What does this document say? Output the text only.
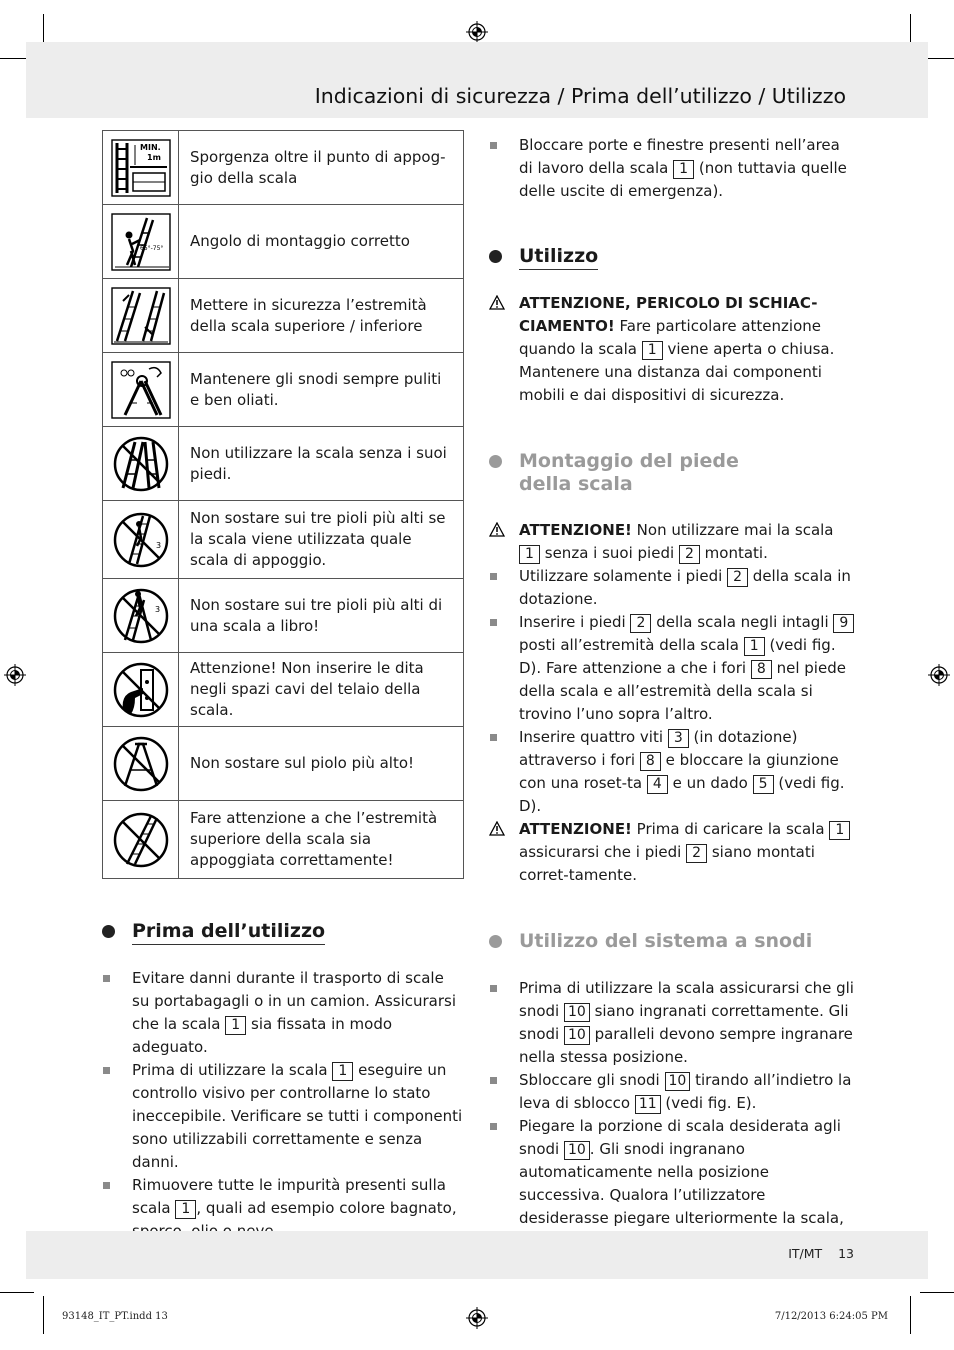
Indicazioni di sicurezza / Prima dell’utilizzo / Utilizzo
MIN.
1m	Sporgenza oltre il punto di appog-gio della scala

65°-75°	Angolo di montaggio corretto

	Mettere in sicurezza l’estremità della scala superiore / inferiore

	Mantenere gli snodi sempre puliti e ben oliati.

	Non utilizzare la scala senza i suoi piedi.

3	Non sostare sui tre pioli più alti se la scala viene utilizzata quale scala di appoggio.

3	Non sostare sui tre pioli più alti di una scala a libro!

	Attenzione! Non inserire le dita negli spazi cavi del telaio della scala.

	Non sostare sul piolo più alto!

	Fare attenzione a che l’estremità superiore della scala sia appoggiata correttamente!
Prima dell’utilizzo
Evitare danni durante il trasporto di scale su portabagagli o in un camion. Assicurarsi che la scala 1 sia fissata in modo adeguato.
Prima di utilizzare la scala 1 eseguire un controllo visivo per controllarne lo stato ineccepibile. Verificare se tutti i componenti sono utilizzabili correttamente e senza danni.
Rimuovere tutte le impurità presenti sulla scala 1 , quali ad esempio colore bagnato,
Bloccare porte e finestre presenti nell’area di lavoro della scala 1 (non tuttavia quelle delle uscite di emergenza).
Utilizzo
ATTENZIONE, PERICOLO DI SCHIAC-CIAMENTO! Fare particolare attenzione quando la scala 1 viene aperta o chiusa. Mantenere una distanza dai componenti mobili e dai dispositivi di sicurezza.
Montaggio del piede
della scala
ATTENZIONE! Non utilizzare mai la scala 1 senza i suoi piedi 2 montati.
Utilizzare solamente i piedi 2 della scala in dotazione.
Inserire i piedi 2 della scala negli intagli 9 posti all’estremità della scala 1 (vedi fig. D). Fare attenzione a che i fori 8 nel piede della scala e all’estremità della scala si trovino l’uno sopra l’altro.
Inserire quattro viti 3 (in dotazione) attraverso i fori 8 e bloccare la giunzione con una roset-ta 4 e un dado 5 (vedi fig. D).
ATTENZIONE! Prima di caricare la scala 1 assicurarsi che i piedi 2 siano montati corret-tamente.
Utilizzo del sistema a snodi
Prima di utilizzare la scala assicurarsi che gli snodi 10 siano ingranati correttamente. Gli snodi 10 paralleli devono sempre ingranare nella stessa posizione.
Sbloccare gli snodi 10 tirando all’indietro la leva di sblocco 11 (vedi fig. E).
Piegare la porzione di scala desiderata agli snodi 10 . Gli snodi ingranano automaticamente nella posizione successiva. Qualora l’utilizzatore desiderasse piegare ulteriormente la scala,
IT/MT 13
93148_IT_PT.indd 13	7/12/2013 6:24:05 PM
